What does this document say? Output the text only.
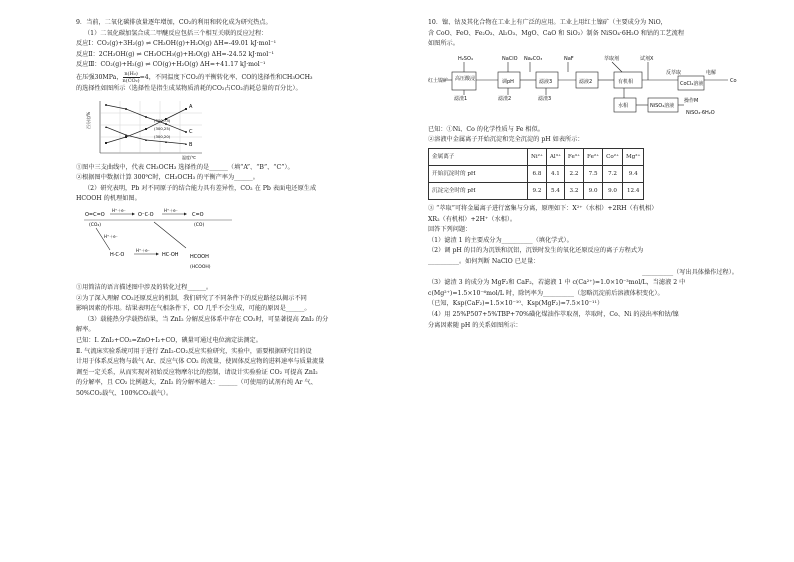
9．当前，二氧化碳排放量逐年增加，CO₂的利用和转化成为研究热点。
（1）二氧化碳加氢合成二甲醚反应包括三个相互关联的反应过程：
反应Ⅰ：CO₂(g)+3H₂(g) ⇌ CH₃OH(g)+H₂O(g) ΔH=-49.01 kJ·mol⁻¹
反应Ⅱ：2CH₃OH(g) ⇌ CH₃OCH₃(g)+H₂O(g) ΔH=-24.52 kJ·mol⁻¹
反应Ⅲ：CO₂(g)+H₂(g) ⇌ CO(g)+H₂O(g) ΔH=+41.17 kJ·mol⁻¹
在压强30MPa， $\frac{\text{n(H₂)}}{\text{n(CO₂)}}=4$，不同温度下CO₂的平衡转化率、CO的选择性和CH₃OCH₃
的选择性如图所示（选择性是指生成某物质消耗的CO₂占CO₂消耗总量的百分比）。
百分比/%
温度/℃
A
B
C
(300,73)
(300,25)
(300,20)
①图中三支曲线中，代表 CH₃OCH₃ 选择性的是______（填“A”、“B”、“C”）。
②根据图中数据计算 300℃时，CH₃OCH₃ 的平衡产率为______。
（2）研究表明，Pb 对不同原子的结合能力具有差异性，CO₂ 在 Pb 表面电还原生成
HCOOH 的机理如图。
O=C=O
(CO₂)
H⁺＋e⁻
O⁻C·O
H⁺＋e⁻
C=O
(CO)
H⁺＋e⁻
H·C·O
H⁺＋e⁻
HC·OH HCOOH
(HCOOH)
①用简洁的语言描述图中涉及的转化过程______。
②为了深入理解 CO₂还原反应的机制，我们研究了不同条件下的反应路径以揭示不同
影响因素的作用。结果表明在气相条件下，CO 几乎不会生成，可能的原因是______。
（3）载能热分学载热结果，当 ZnI₂ 分解反应体系中存在 CO₂时，可显著提高 ZnI₂ 的分
解率。
已知：Ⅰ. ZnI₂+CO₂=ZnO+I₂+CO，碘量可通过电位滴定法测定。
Ⅱ. 气流床实验系统可用于进行 ZnI₂-CO₂反应实验研究，实验中，需要根据研究目的设
计用于体系反应物与载气 Ar、反应气体 CO₂ 的流量，使固体反应物的进料速率与质量流量
调至一定关系，从而实现对初始反应物摩尔比的控制，请设计实验验证 CO₂ 可提高 ZnI₂
的分解率，且 CO₂ 比例越大，ZnI₂ 的分解率越大：______（可使用的试剂有纯 Ar 气、
50%CO₂载气、100%CO₂载气）。
10．镍、钴及其化合物在工业上有广泛的应用。工业上用红土镍矿（主要成分为 NiO，
含 CoO、FeO、Fe₂O₃、Al₂O₃、MgO、CaO 和 SiO₂）制备 NiSO₄·6H₂O 和钴的工艺流程
如图所示。
红土镍矿
H₂SO₄	NaClO Na₂CO₃	NaF	萃取剂	试剂X
反萃取	电解
Co
高压酸浸	调pH	滤液3	滤液2	有机相	CoCl₂溶液
水相	NiSO₄溶液
滤渣1	滤渣2	滤渣3	操作M
NiSO₄·6H₂O
已知：①Ni、Co 的化学性质与 Fe 相似。
②溶液中金属离子开始沉淀和完全沉淀的 pH 如表所示：
金属离子	Ni²⁺	Al³⁺	Fe³⁺	Fe²⁺	Co²⁺	Mg²⁺
开始沉淀时的 pH	6.8	4.1	2.2	7.5	7.2	9.4
沉淀完全时的 pH	9.2	5.4	3.2	9.0	9.0	12.4
③ “萃取”可将金属离子进行富集与分离，原理如下：X²⁺（水相）+2RH（有机相）
XR₂（有机相）+2H⁺（水相）。
回答下列问题：
（1）滤渣 1 的主要成分为__________（填化学式）。
（2）调 pH 的目的为沉铁和沉铝，沉铁时发生的氧化还原反应的离子方程式为
__________。如何判断 NaClO 已足量：
__________（写出具体操作过程）。
（3）滤渣 3 的成分为 MgF₂和 CaF₂，若滤液 1 中 c(Ca²⁺)=1.0×10⁻³mol/L，当滤液 2 中
c(Mg²⁺)=1.5×10⁻⁶mol/L 时，除钙率为__________（忽略沉淀前后溶液体积变化）。
（已知，Ksp(CaF₂)=1.5×10⁻¹⁰、Ksp(MgF₂)=7.5×10⁻¹¹）
（4）用 25%P507+5%TBP+70%磺化煤油作萃取剂，萃取时，Co、Ni 的浸出率和钴/镍
分离因素随 pH 的关系如图所示：
